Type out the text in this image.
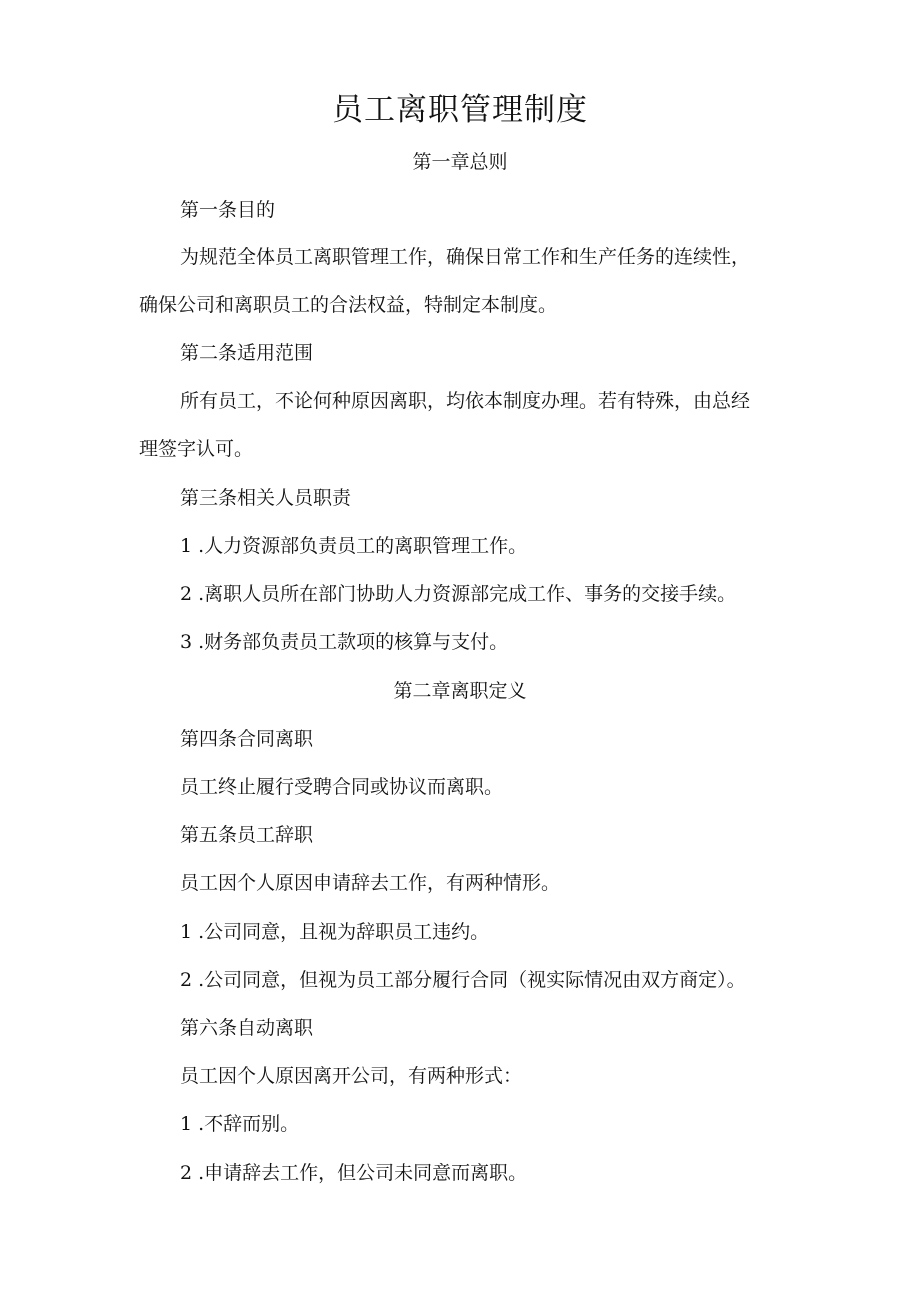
员工离职管理制度
第一章总则
第一条目的
为规范全体员工离职管理工作，确保日常工作和生产任务的连续性，
确保公司和离职员工的合法权益，特制定本制度。
第二条适用范围
所有员工，不论何种原因离职，均依本制度办理。若有特殊，由总经
理签字认可。
第三条相关人员职责
1 .人力资源部负责员工的离职管理工作。
2 .离职人员所在部门协助人力资源部完成工作、事务的交接手续。
3 .财务部负责员工款项的核算与支付。
第二章离职定义
第四条合同离职
员工终止履行受聘合同或协议而离职。
第五条员工辞职
员工因个人原因申请辞去工作，有两种情形。
1 .公司同意，且视为辞职员工违约。
2 .公司同意，但视为员工部分履行合同（视实际情况由双方商定）。
第六条自动离职
员工因个人原因离开公司，有两种形式：
1 .不辞而别。
2 .申请辞去工作，但公司未同意而离职。
